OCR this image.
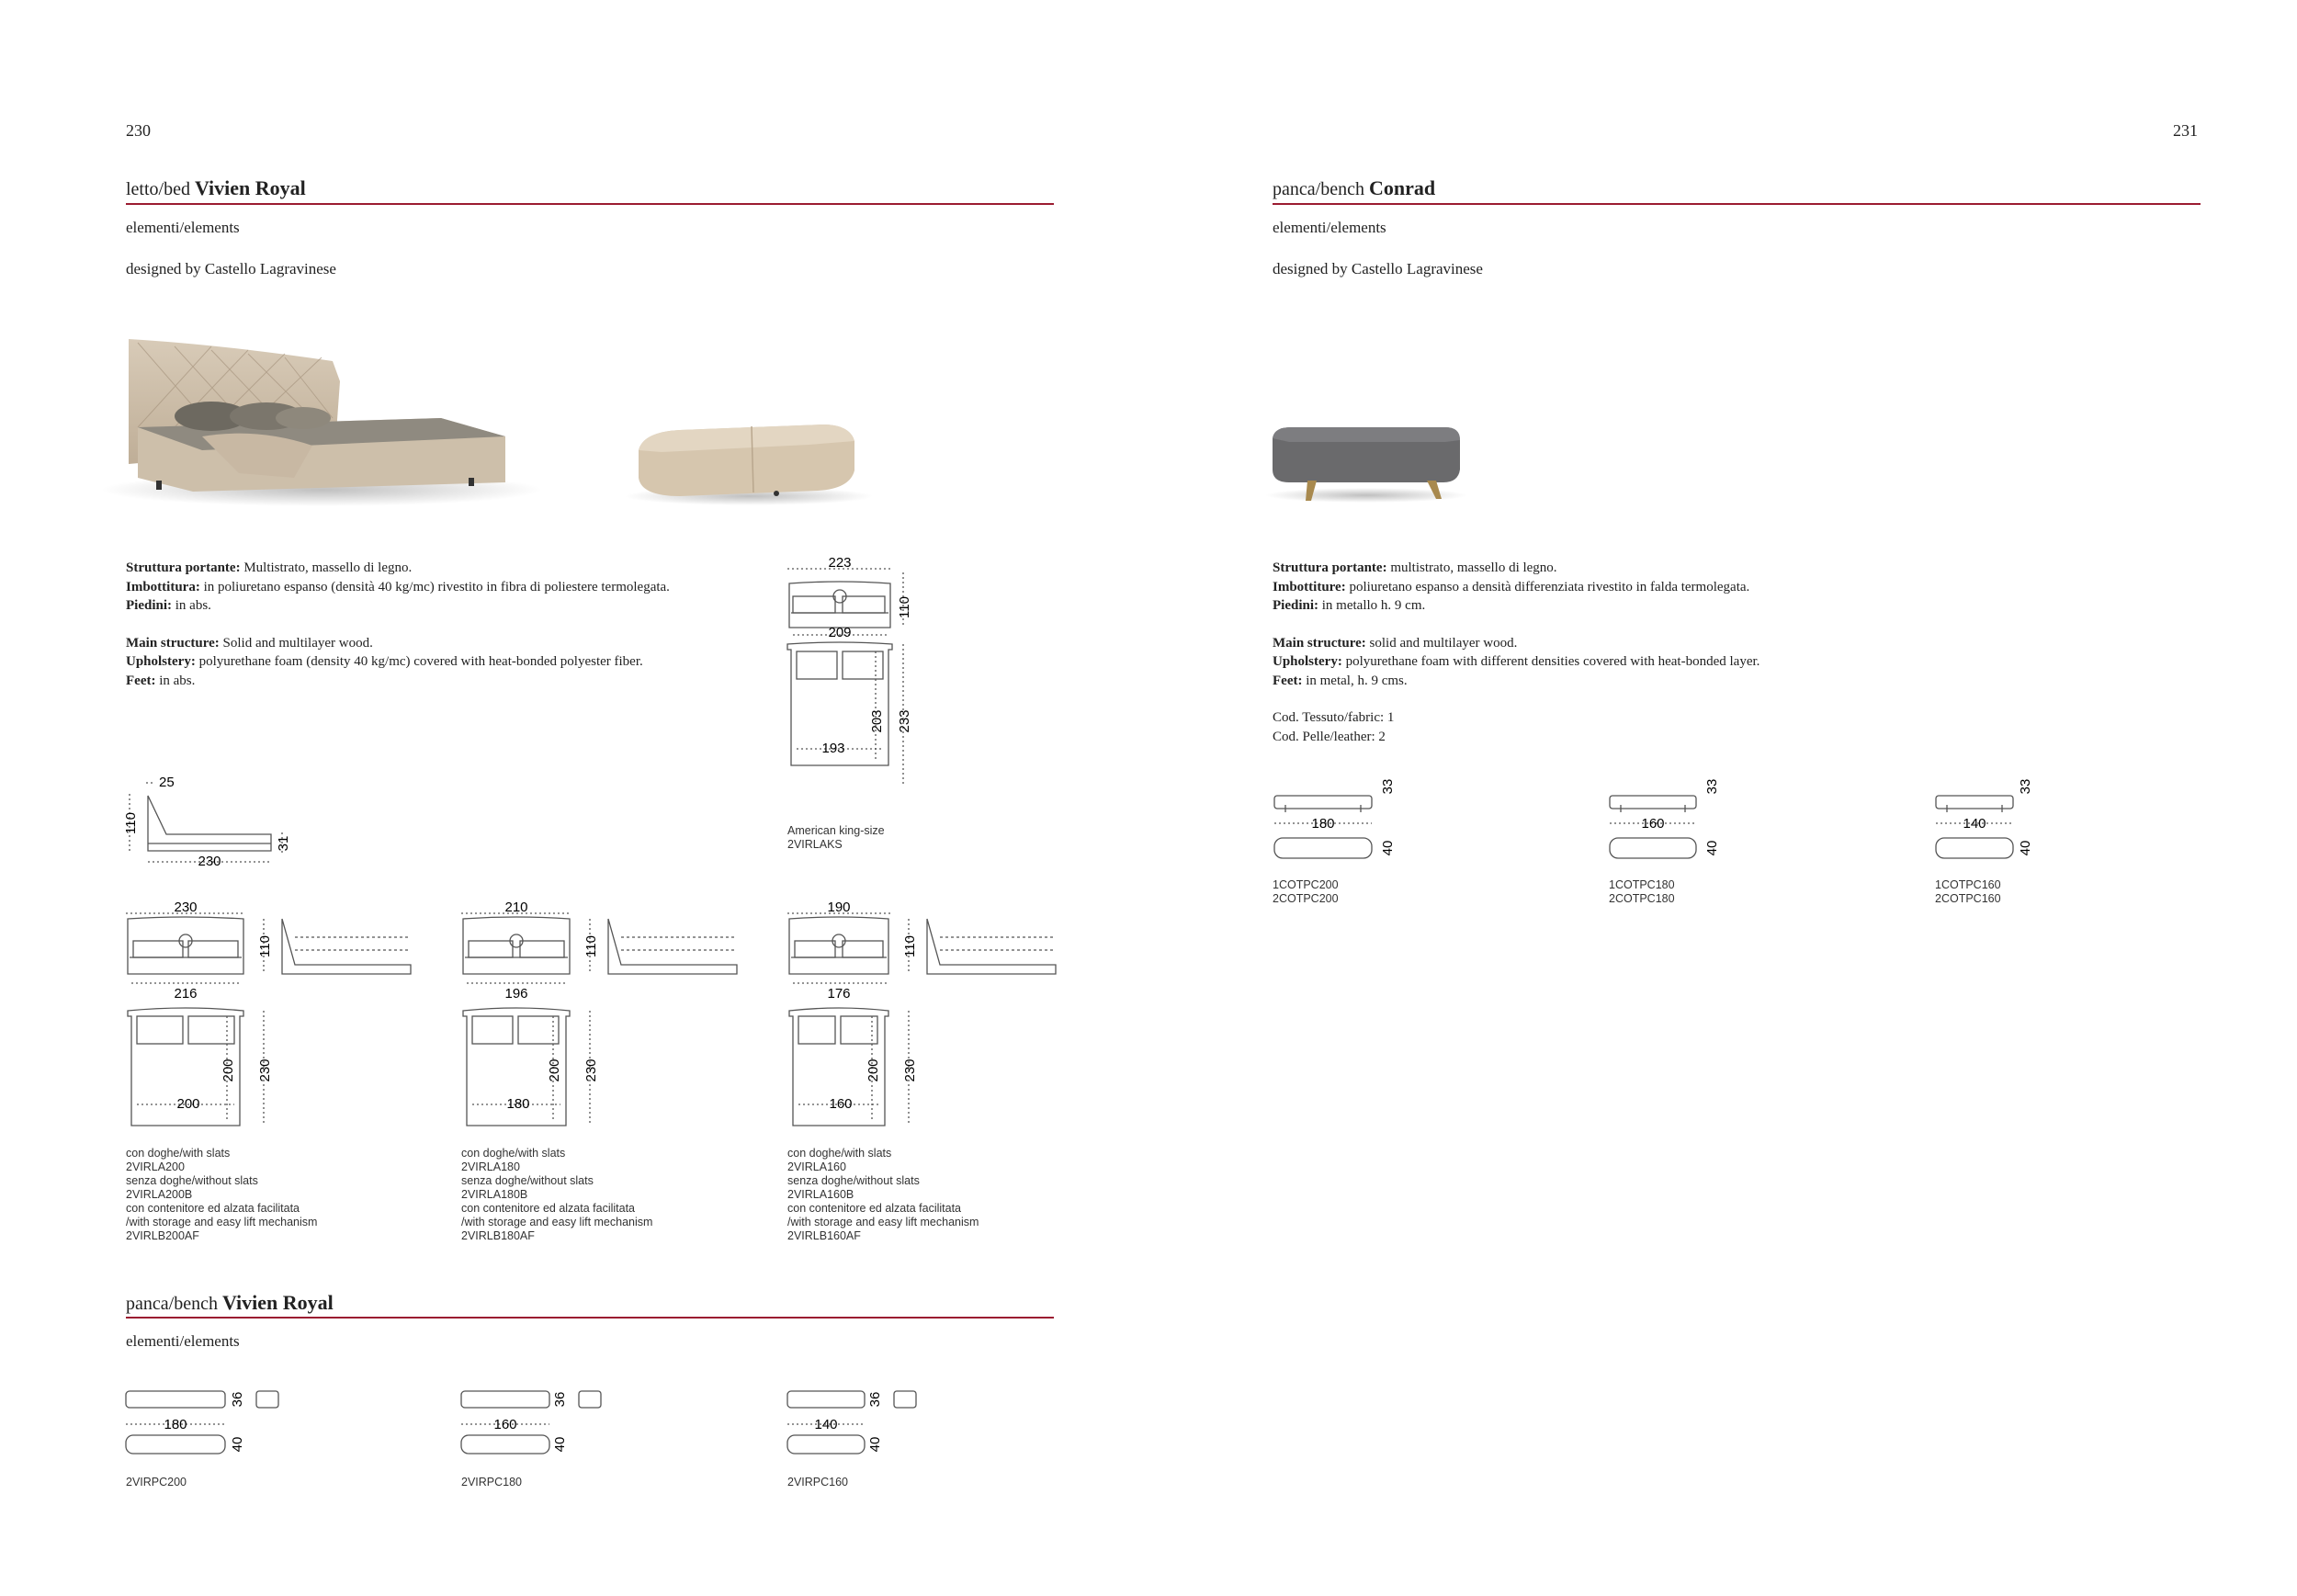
230
letto/bed Vivien Royal
elementi/elements
designed by Castello Lagravinese
Struttura portante: Multistrato, massello di legno.
Imbottitura: in poliuretano espanso (densità 40 kg/mc) rivestito in fibra di poliestere termolegata.
Piedini: in abs.
Main structure: Solid and multilayer wood.
Upholstery: polyurethane foam (density 40 kg/mc) covered with heat-bonded polyester fiber.
Feet: in abs.
223
110
209
203 233
193
American king-size
2VIRLAKS
25
110
31
230
230
110
216
200 230
200
con doghe/with slats
2VIRLA200
senza doghe/without slats
2VIRLA200B
con contenitore ed alzata facilitata
/with storage and easy lift mechanism
2VIRLB200AF
210
110
196
200 230
180
con doghe/with slats
2VIRLA180
senza doghe/without slats
2VIRLA180B
con contenitore ed alzata facilitata
/with storage and easy lift mechanism
2VIRLB180AF
190
110
176
200 230
160
con doghe/with slats
2VIRLA160
senza doghe/without slats
2VIRLA160B
con contenitore ed alzata facilitata
/with storage and easy lift mechanism
2VIRLB160AF
panca/bench Vivien Royal
elementi/elements
36
180
40
2VIRPC200
36
160
40
2VIRPC180
36
140
40
2VIRPC160
231
panca/bench Conrad
elementi/elements
designed by Castello Lagravinese
Struttura portante: multistrato, massello di legno.
Imbottiture: poliuretano espanso a densità differenziata rivestito in falda termolegata.
Piedini: in metallo h. 9 cm.
Main structure: solid and multilayer wood.
Upholstery: polyurethane foam with different densities covered with heat-bonded layer.
Feet: in metal, h. 9 cms.
Cod. Tessuto/fabric: 1
Cod. Pelle/leather: 2
33
180
40
1COTPC200
2COTPC200
33
160
40
1COTPC180
2COTPC180
33
140
40
1COTPC160
2COTPC160
